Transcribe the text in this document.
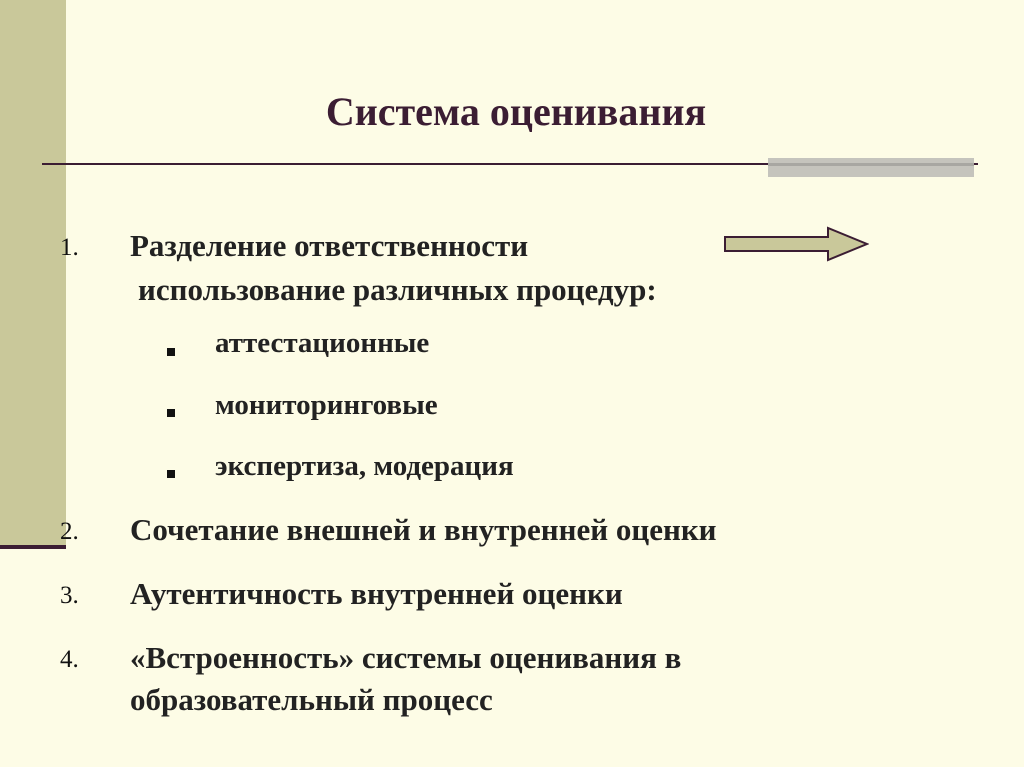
Система оценивания
1. Разделение ответственности
использование различных процедур:
аттестационные
мониторинговые
экспертиза, модерация
2. Сочетание внешней и внутренней оценки
3. Аутентичность внутренней оценки
4. «Встроенность» системы оценивания в
образовательный процесс
